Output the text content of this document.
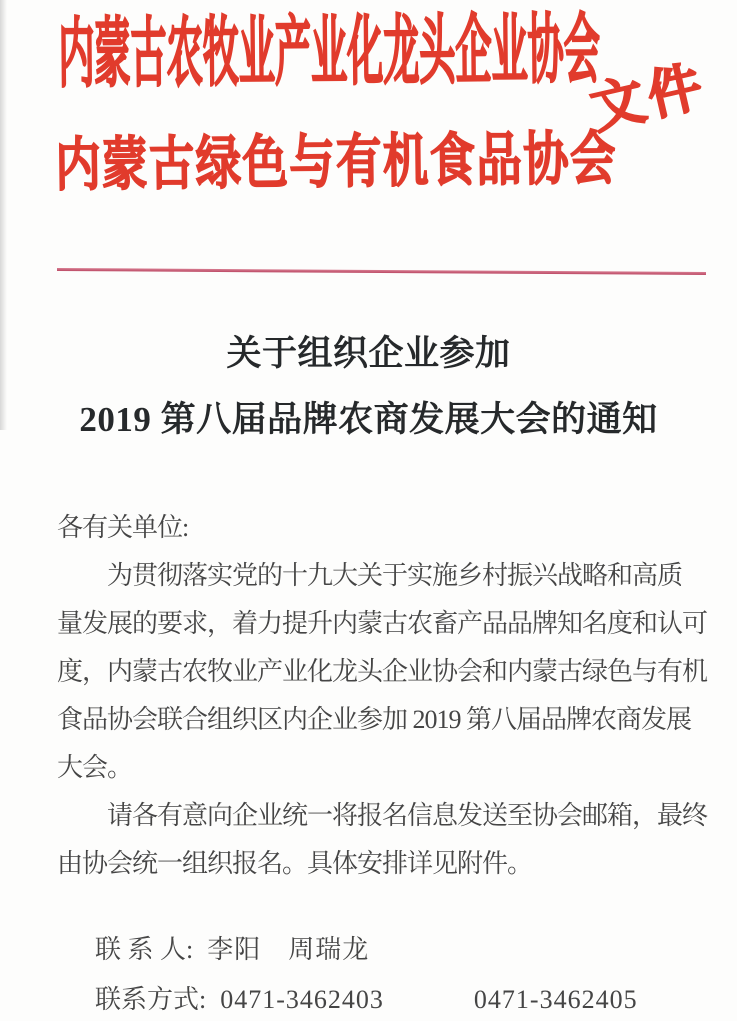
内蒙古农牧业产业化龙头企业协会
文件
内蒙古绿色与有机食品协会
关于组织企业参加
2019 第八届品牌农商发展大会的通知
各有关单位:
为贯彻落实党的十九大关于实施乡村振兴战略和高质
量发展的要求，着力提升内蒙古农畜产品品牌知名度和认可
度，内蒙古农牧业产业化龙头企业协会和内蒙古绿色与有机
食品协会联合组织区内企业参加 2019 第八届品牌农商发展
大会。
请各有意向企业统一将报名信息发送至协会邮箱，最终
由协会统一组织报名。具体安排详见附件。
联 系 人: 李阳　周瑞龙
联系方式: 0471-3462403	0471-3462405
